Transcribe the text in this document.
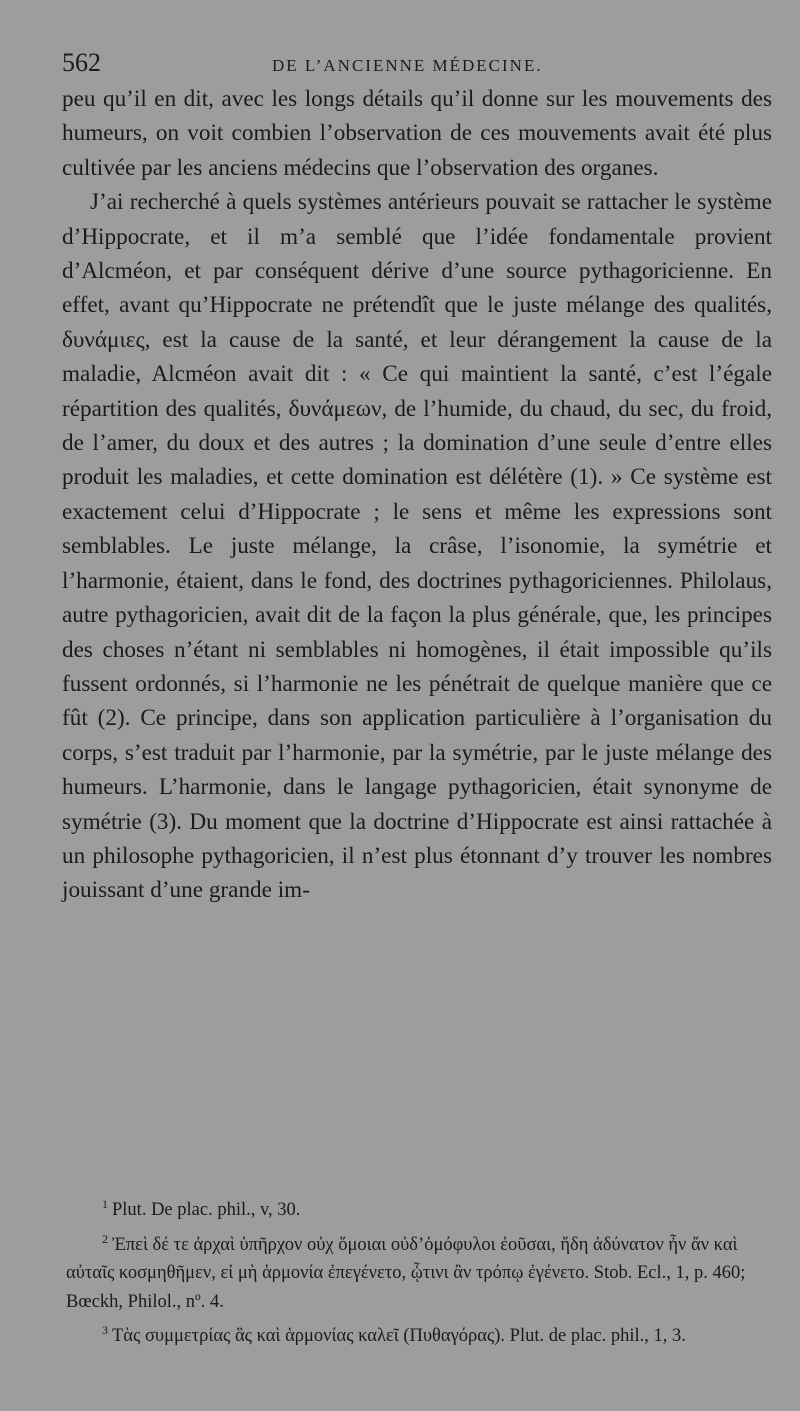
562	DE L’ANCIENNE MÉDECINE.

peu qu’il en dit, avec les longs détails qu’il donne sur les mouvements des humeurs, on voit combien l’observation de ces mouvements avait été plus cultivée par les anciens médecins que l’observation des organes.

J’ai recherché à quels systèmes antérieurs pouvait se rattacher le système d’Hippocrate, et il m’a semblé que l’idée fondamentale provient d’Alcméon, et par conséquent dérive d’une source pythagoricienne. En effet, avant qu’Hippocrate ne prétendît que le juste mélange des qualités, δυνάμιες, est la cause de la santé, et leur dérangement la cause de la maladie, Alcméon avait dit : « Ce qui maintient la santé, c’est l’égale répartition des qualités, δυνάμεων, de l’humide, du chaud, du sec, du froid, de l’amer, du doux et des autres ; la domination d’une seule d’entre elles produit les maladies, et cette domination est délétère (1). » Ce système est exactement celui d’Hippocrate ; le sens et même les expressions sont semblables. Le juste mélange, la crâse, l’isonomie, la symétrie et l’harmonie, étaient, dans le fond, des doctrines pythagoriciennes. Philolaus, autre pythagoricien, avait dit de la façon la plus générale, que, les principes des choses n’étant ni semblables ni homogènes, il était impossible qu’ils fussent ordonnés, si l’harmonie ne les pénétrait de quelque manière que ce fût (2). Ce principe, dans son application particulière à l’organisation du corps, s’est traduit par l’harmonie, par la symétrie, par le juste mélange des humeurs. L’harmonie, dans le langage pythagoricien, était synonyme de symétrie (3). Du moment que la doctrine d’Hippocrate est ainsi rattachée à un philosophe pythagoricien, il n’est plus étonnant d’y trouver les nombres jouissant d’une grande im-

$^1$ Plut. De plac. phil., v, 30.

$^2$ Ἐπεὶ δέ τε ἀρχαὶ ὑπῆρχον οὐχ ὅμοιαι οὐδ’ὁμόφυλοι ἐοῦσαι, ἤδη ἀδύνατον ἦν ἄν καὶ αὐταῖς κοσμηθῆμεν, εἰ μὴ ἁρμονία ἐπεγένετο, ᾧτινι ἂν τρόπῳ ἐγένετο. Stob. Ecl., 1, p. 460; Bœckh, Philol., nº. 4.

$^3$ Τὰς συμμετρίας ἃς καὶ ἁρμονίας καλεῖ (Πυθαγόρας). Plut. de plac. phil., 1, 3.
